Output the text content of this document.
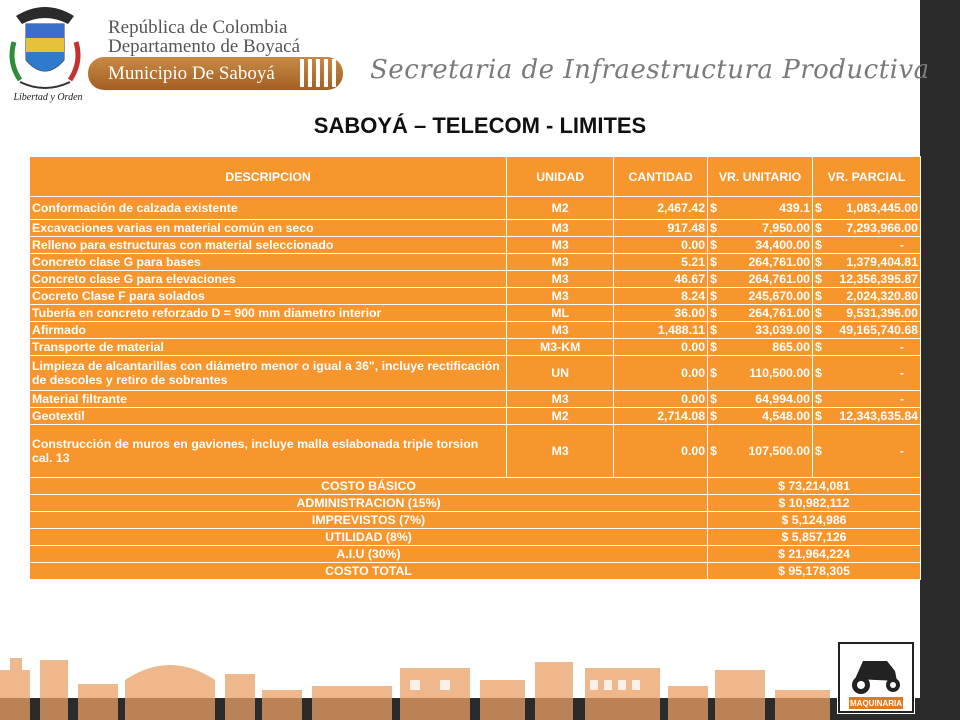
Libertad y Orden
República de Colombia
Departamento de Boyacá
Municipio De Saboyá	Secretaria de Infraestructura Productiva
SABOYÁ – TELECOM - LIMITES
DESCRIPCION	UNIDAD	CANTIDAD	VR. UNITARIO	VR. PARCIAL
Conformación de calzada existente	M2	2,467.42	$ 439.1	$ 1,083,445.00

Excavaciones varias en material común en seco	M3	917.48	$ 7,950.00	$ 7,293,966.00

Relleno para estructuras con material seleccionado	M3	0.00	$ 34,400.00	$ -

Concreto clase G para bases	M3	5.21	$ 264,761.00	$ 1,379,404.81

Concreto clase G para elevaciones	M3	46.67	$ 264,761.00	$ 12,356,395.87

Cocreto Clase F para solados	M3	8.24	$ 245,670.00	$ 2,024,320.80

Tubería en concreto reforzado D = 900 mm diametro interior	ML	36.00	$ 264,761.00	$ 9,531,396.00

Afirmado	M3	1,488.11	$ 33,039.00	$ 49,165,740.68

Transporte de material	M3-KM	0.00	$ 865.00	$ -

Limpieza de alcantarillas con diámetro menor o igual a 36", incluye rectificación de descoles y retiro de sobrantes	UN	0.00	$ 110,500.00	$ -

Material filtrante	M3	0.00	$ 64,994.00	$ -

Geotextil	M2	2,714.08	$ 4,548.00	$ 12,343,635.84

Construcción de muros en gaviones, incluye malla eslabonada triple torsion
cal. 13	M3	0.00	$ 107,500.00	$ -

COSTO BÁSICO			$ 73,214,081	
ADMINISTRACION (15%)			$ 10,982,112	
IMPREVISTOS (7%)			$ 5,124,986	
UTILIDAD (8%)			$ 5,857,126	
A.I.U (30%)			$ 21,964,224	
COSTO TOTAL			$ 95,178,305	
MAQUINARIA
